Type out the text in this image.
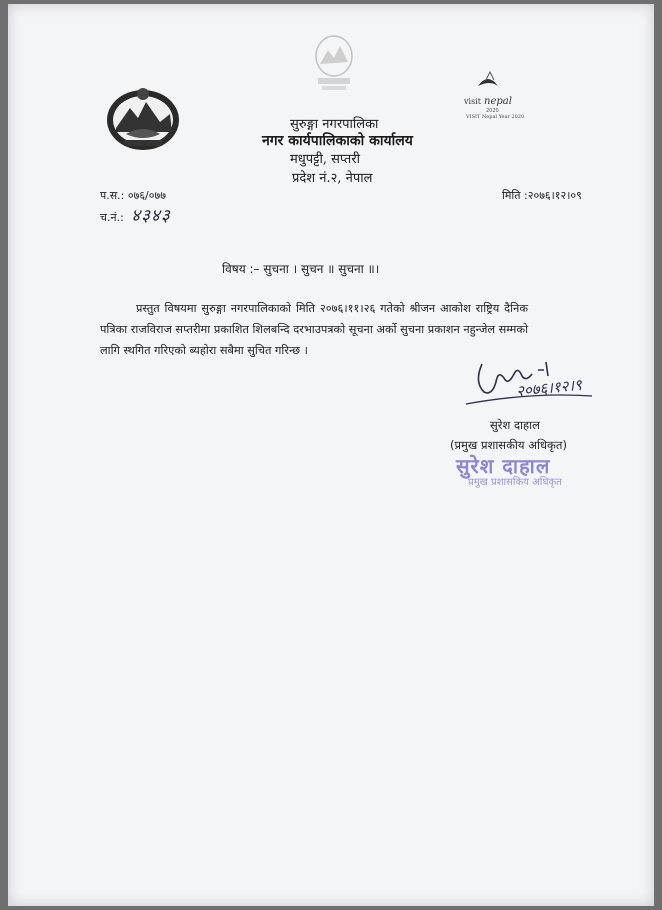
visit nepal
2020
VISIT Nepal Year 2020
सुरुङ्गा नगरपालिका
नगर कार्यपालिकाको कार्यालय
मधुपट्टी, सप्तरी
प्रदेश नं.२, नेपाल
प.स.: ०७६/०७७
च.नं.: ४३४३
मिति :२०७६।१२।०९
विषय :– सुचना । सुचन ॥ सुचना ॥।
प्रस्तुत विषयमा सुरुङ्गा नगरपालिकाको मिति २०७६।११।२६ गतेको श्रीजन आकोश राष्ट्रिय दैनिक पत्रिका राजविराज सप्तरीमा प्रकाशित शिलबन्दि दरभाउपत्रको सूचना अर्को सुचना प्रकाशन नहुन्जेल सम्मको लागि स्थगित गरिएको ब्यहोरा सबैमा सुचित गरिन्छ ।
२०७६।१२।९
सुरेश दाहाल
(प्रमुख प्रशासकीय अधिकृत)
सुरेश दाहाल
प्रमुख प्रशासकिय अधिकृत
